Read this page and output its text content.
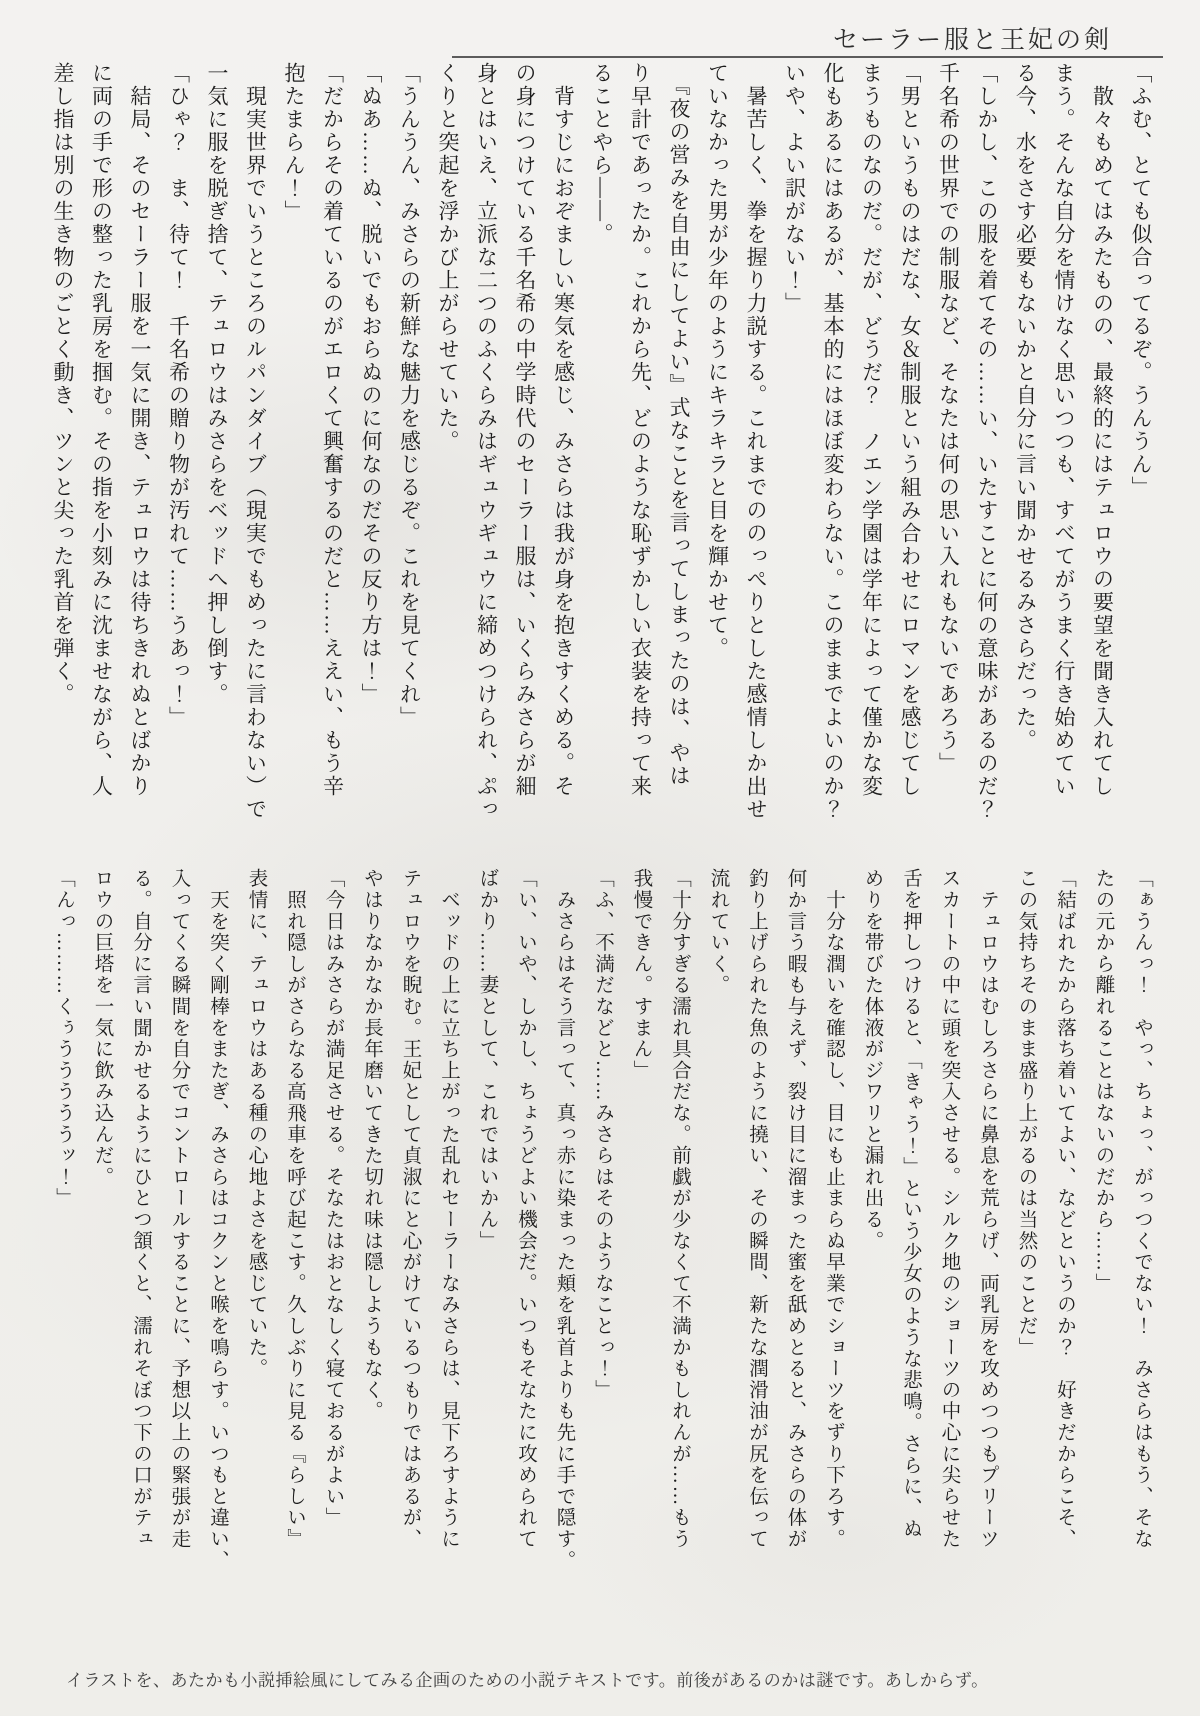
セーラー服と王妃の剣

「ふむ、とても似合ってるぞ。うんうん」

　散々もめてはみたものの、最終的にはテュロウの要望を聞き入れてし

まう。そんな自分を情けなく思いつつも、すべてがうまく行き始めてい

る今、水をさす必要もないかと自分に言い聞かせるみさらだった。

「しかし、この服を着てその……い、いたすことに何の意味があるのだ？

千名希の世界での制服など、そなたは何の思い入れもないであろう」

「男というものはだな、女＆制服という組み合わせにロマンを感じてし

まうものなのだ。だが、どうだ？　ノエン学園は学年によって僅かな変

化もあるにはあるが、基本的にはほぼ変わらない。このままでよいのか？

いや、よい訳がない！」

　暑苦しく、拳を握り力説する。これまでののっぺりとした感情しか出せ

ていなかった男が少年のようにキラキラと目を輝かせて。

　『夜の営みを自由にしてよい』式なことを言ってしまったのは、やは

り早計であったか。これから先、どのような恥ずかしい衣装を持って来

ることやら――。

　背すじにおぞましい寒気を感じ、みさらは我が身を抱きすくめる。そ

の身につけている千名希の中学時代のセーラー服は、いくらみさらが細

身とはいえ、立派な二つのふくらみはギュウギュウに締めつけられ、ぷっ

くりと突起を浮かび上がらせていた。

「うんうん、みさらの新鮮な魅力を感じるぞ。これを見てくれ」

「ぬあ……ぬ、脱いでもおらぬのに何なのだその反り方は！」

「だからその着ているのがエロくて興奮するのだと……ええい、もう辛

抱たまらん！」

　現実世界でいうところのルパンダイブ（現実でもめったに言わない）で

一気に服を脱ぎ捨て、テュロウはみさらをベッドへ押し倒す。

「ひゃ？　ま、待て！　千名希の贈り物が汚れて……うあっ！」

　結局、そのセーラー服を一気に開き、テュロウは待ちきれぬとばかり

に両の手で形の整った乳房を掴む。その指を小刻みに沈ませながら、人

差し指は別の生き物のごとく動き、ツンと尖った乳首を弾く。

「ぁうんっ！　やっ、ちょっ、がっつくでない！　みさらはもう、そな

たの元から離れることはないのだから……」

「結ばれたから落ち着いてよい、などというのか？　好きだからこそ、

この気持ちそのまま盛り上がるのは当然のことだ」

　テュロウはむしろさらに鼻息を荒らげ、両乳房を攻めつつもプリーツ

スカートの中に頭を突入させる。シルク地のショーツの中心に尖らせた

舌を押しつけると、「きゃう！」という少女のような悲鳴。さらに、ぬ

めりを帯びた体液がジワリと漏れ出る。

　十分な潤いを確認し、目にも止まらぬ早業でショーツをずり下ろす。

何か言う暇も与えず、裂け目に溜まった蜜を舐めとると、みさらの体が

釣り上げられた魚のように撓い、その瞬間、新たな潤滑油が尻を伝って

流れていく。

「十分すぎる濡れ具合だな。前戯が少なくて不満かもしれんが……もう

我慢できん。すまん」

「ふ、不満だなどと……みさらはそのようなことっ！」

　みさらはそう言って、真っ赤に染まった頬を乳首よりも先に手で隠す。

「い、いや、しかし、ちょうどよい機会だ。いつもそなたに攻められて

ばかり……妻として、これではいかん」

　ベッドの上に立ち上がった乱れセーラーなみさらは、見下ろすように

テュロウを睨む。王妃として貞淑にと心がけているつもりではあるが、

やはりなかなか長年磨いてきた切れ味は隠しようもなく。

「今日はみさらが満足させる。そなたはおとなしく寝ておるがよい」

　照れ隠しがさらなる高飛車を呼び起こす。久しぶりに見る『らしい』

表情に、テュロウはある種の心地よさを感じていた。

　天を突く剛棒をまたぎ、みさらはコクンと喉を鳴らす。いつもと違い、

入ってくる瞬間を自分でコントロールすることに、予想以上の緊張が走

る。自分に言い聞かせるようにひとつ頷くと、濡れそぼつ下の口がテュ

ロウの巨塔を一気に飲み込んだ。

「んっ………くぅうううううッ！」

イラストを、あたかも小説挿絵風にしてみる企画のための小説テキストです。前後があるのかは謎です。あしからず。
